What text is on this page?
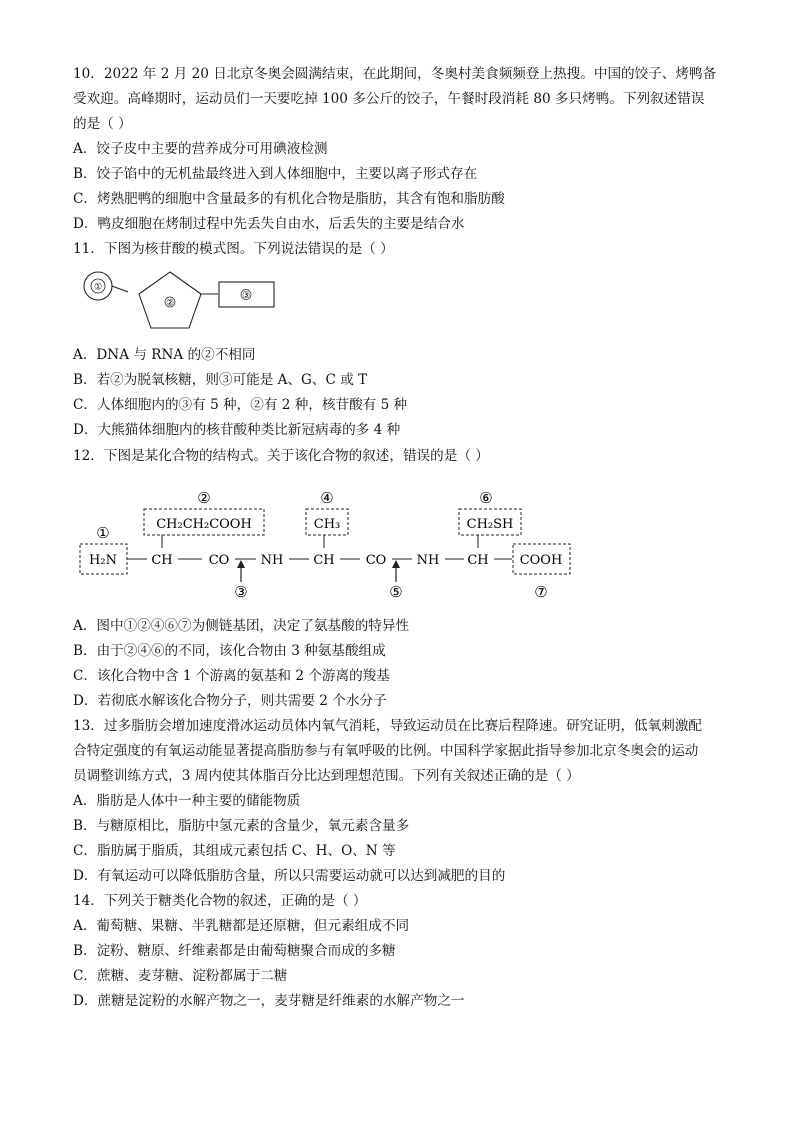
10．2022 年 2 月 20 日北京冬奥会圆满结束，在此期间，冬奥村美食频频登上热搜。中国的饺子、烤鸭备
受欢迎。高峰期时，运动员们一天要吃掉 100 多公斤的饺子，午餐时段消耗 80 多只烤鸭。下列叙述错误
的是（ ）
A．饺子皮中主要的营养成分可用碘液检测
B．饺子馅中的无机盐最终进入到人体细胞中，主要以离子形式存在
C．烤熟肥鸭的细胞中含量最多的有机化合物是脂肪，其含有饱和脂肪酸
D．鸭皮细胞在烤制过程中先丢失自由水，后丢失的主要是结合水
11．下图为核苷酸的模式图。下列说法错误的是（ ）
①
②
③
A．DNA 与 RNA 的②不相同
B．若②为脱氧核糖，则③可能是 A、G、C 或 T
C．人体细胞内的③有 5 种，②有 2 种，核苷酸有 5 种
D．大熊猫体细胞内的核苷酸种类比新冠病毒的多 4 种
12．下图是某化合物的结构式。关于该化合物的叙述，错误的是（ ）
②	④	⑥
①	CH₂CH₂COOH	CH₃	CH₂SH
H₂N	CH	CO NH CH CO NH CH COOH
③	⑤	⑦
A．图中①②④⑥⑦为侧链基团，决定了氨基酸的特异性
B．由于②④⑥的不同，该化合物由 3 种氨基酸组成
C．该化合物中含 1 个游离的氨基和 2 个游离的羧基
D．若彻底水解该化合物分子，则共需要 2 个水分子
13．过多脂肪会增加速度滑冰运动员体内氧气消耗，导致运动员在比赛后程降速。研究证明，低氧刺激配
合特定强度的有氧运动能显著提高脂肪参与有氧呼吸的比例。中国科学家据此指导参加北京冬奥会的运动
员调整训练方式，3 周内使其体脂百分比达到理想范围。下列有关叙述正确的是（ ）
A．脂肪是人体中一种主要的储能物质
B．与糖原相比，脂肪中氢元素的含量少，氧元素含量多
C．脂肪属于脂质，其组成元素包括 C、H、O、N 等
D．有氧运动可以降低脂肪含量，所以只需要运动就可以达到减肥的目的
14．下列关于糖类化合物的叙述，正确的是（ ）
A．葡萄糖、果糖、半乳糖都是还原糖，但元素组成不同
B．淀粉、糖原、纤维素都是由葡萄糖聚合而成的多糖
C．蔗糖、麦芽糖、淀粉都属于二糖
D．蔗糖是淀粉的水解产物之一，麦芽糖是纤维素的水解产物之一
